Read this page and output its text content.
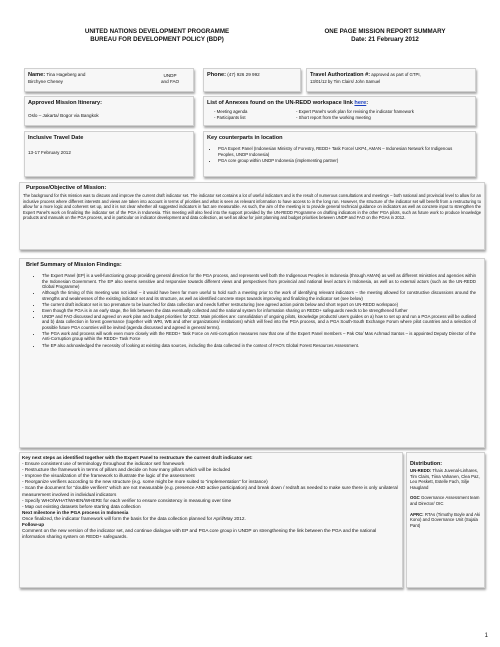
UNITED NATIONS DEVELOPMENT PROGRAMME
BUREAU FOR DEVELOPMENT POLICY (BDP)
ONE PAGE MISSION REPORT SUMMARY
Date: 21 February 2012
Name: Tina Hageberg and
Birchyne Cheney
UNDP
and FAO
Phone: (47) 926 29 992	Travel Authorization #: approved as part of GTPI,
13/01/12 by Tim Clairs/ John Samuel
Approved Mission Itinerary:
Oslo – Jakarta/ Bogor via Bangkok
List of Annexes found on the UN-REDD workspace link here:
- Meeting agenda
- Participants list
- Expert Panel's work plan for revising the indicator framework
- Short report from the working meeting
Inclusive Travel Date
13-17 February 2012
Key counterparts in location
• PGA Expert Panel (Indonesian Ministry of Forestry, REDD+ Task Force/ UKP4, AMAN – Indonesian Network for Indigenous Peoples, UNDP Indonesia)
• PGA core group within UNDP Indonesia (implementing partner)
Purpose/Objective of Mission:
The background for this mission was to discuss and improve the current draft indicator set. The indicator set contains a lot of useful indicators and is the result of numerous consultations and meetings – both national and provincial level to allow for an inclusive process where different interests and views are taken into account in terms of priorities and what is seen as relevant information to have access to in the long run. However, the structure of the indicator set will benefit from a restructuring to allow for a more logic and coherent set up, and it is not clear whether all suggested indicators in fact are measurable. As such, the aim of the meeting is to provide general technical guidance on indicators as well as concrete input to strengthen the Expert Panel's work on finalizing the indicator set of the PGA in Indonesia. This meeting will also feed into the support provided by the UN-REDD Programme on drafting indicators in the other PGA pilots, such as future work to produce knowledge products and manuals on the PGA process, and in particular on indicator development and data collection, as well as allow for joint planning and budget priorities between UNDP and FAO on the PGAs in 2012.
Brief Summary of Mission Findings:
• The Expert Panel (EP) is a well-functioning group providing general direction for the PGA process, and represents well both the Indigenous Peoples in Indonesia (through AMAN) as well as different ministries and agencies within the Indonesian Government. The EP also seems sensitive and responsive towards different views and perspectives from provincial and national level actors in Indonesia, as well as to external actors (such as the UN-REDD Global Programme)
• Although the timing of this meeting was not ideal – it would have been far more useful to hold such a meeting prior to the work of identifying relevant indicators – the meeting allowed for constructive discussions around the strengths and weaknesses of the existing indicator set and its structure, as well as identified concrete steps towards improving and finalizing the indicator set (see below)
• The current draft indicator set is too premature to be launched for data collection and needs further restructuring (see agreed action points below and short report on UN-REDD workspace)
• Even though the PGA is in an early stage, the link between the data eventually collected and the national system for information sharing on REDD+ safeguards needs to be strengthened further
• UNDP and FAO discussed and agreed on work plan and budget priorities for 2012. Main priorities are: consolidation of ongoing pilots, knowledge products/ users guides on a) how to set up and run a PGA process will be outlined and b) data collection in forest governance (together with WRI, WB and other organizations/ institutions) which will feed into the PGA process, and a PGA South-South Exchange Forum where pilot countries and a selection of possible future PGA countries will be invited (agenda discussed and agreed in general terms).
• The PGA work and process will work even more closely with the REDD+ Task Force on Anti-corruption measures now that one of the Expert Panel members – Pak Oto/ Mas Achmad Santos – is appointed Deputy Director of the Anti-Corruption group within the REDD+ Task Force
• The EP also acknowledged the necessity of looking at existing data sources, including the data collected in the context of FAO's Global Forest Resources Assessment.
Key next steps as identified together with the Expert Panel to restructure the current draft indicator set:
- Ensure consistent use of terminology throughout the indicator set/ framework
- Restructure the framework in terms of pillars and decide on how many pillars which will be included
- Improve the visualization of the framework to illustrate the logic of the assessment
- Reorganize verifiers according to the new structure (e.g. some might be more suited to “implementation” for instance)
- Scan the document for “double verifiers” which are not measurable (e.g. presence AND active participation) and break down / redraft as needed to make sure there is only unilateral measurement involved in individual indicators
- Specify WHO/WHAT/WHEN/WHERE for each verifier to ensure consistency in measuring over time
- Map out existing datasets before starting data collection
Next milestone in the PGA process in Indonesia
Once finalized, the indicator framework will form the basis for the data collection planned for April/May 2012.
Follow-up
Comment on the new version of the indicator set, and continue dialogue with EP and PGA core group in UNDP on strengthening the link between the PGA and the national information sharing system on REDD+ safeguards.
Distribution:
UN-REDD: Thais Juvenal-Linhares, Tim Clairs, Tiina Vahanen, Clea Paz, Leo Peskett, Estelle Fach, Silje Haugland
OGC Governance Assessment team and Director/ OIC
APRC: RTAs (Timothy Boyle and Aki Kono) and Governance Unit (Sujala Pant)
1
